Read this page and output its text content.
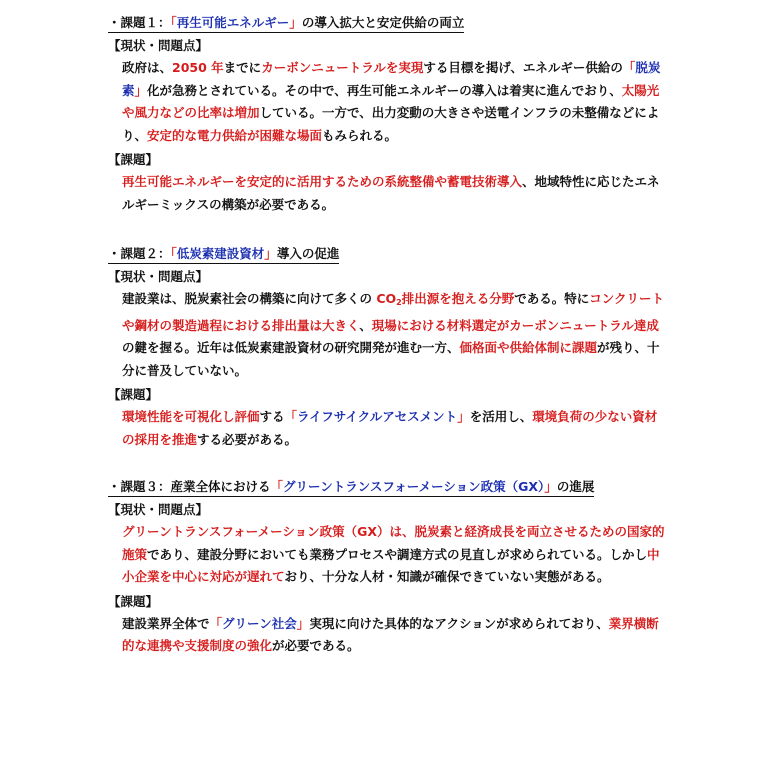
・課題１：「再生可能エネルギー」の導入拡大と安定供給の両立
【現状・問題点】

政府は、2050 年までにカーボンニュートラルを実現する目標を掲げ、エネルギー供給の「脱炭素」化が急務とされている。その中で、再生可能エネルギーの導入は着実に進んでおり、太陽光や風力などの比率は増加している。一方で、出力変動の大きさや送電インフラの未整備などにより、安定的な電力供給が困難な場面もみられる。

【課題】

再生可能エネルギーを安定的に活用するための系統整備や蓄電技術導入、地域特性に応じたエネルギーミックスの構築が必要である。

・課題２：「低炭素建設資材」導入の促進
【現状・問題点】

建設業は、脱炭素社会の構築に向けて多くの CO2排出源を抱える分野である。特にコンクリートや鋼材の製造過程における排出量は大きく、現場における材料選定がカーボンニュートラル達成の鍵を握る。近年は低炭素建設資材の研究開発が進む一方、価格面や供給体制に課題が残り、十分に普及していない。

【課題】

環境性能を可視化し評価する「ライフサイクルアセスメント」を活用し、環境負荷の少ない資材の採用を推進する必要がある。

・課題３：産業全体における「グリーントランスフォーメーション政策（GX）」の進展
【現状・問題点】

グリーントランスフォーメーション政策（GX）は、脱炭素と経済成長を両立させるための国家的施策であり、建設分野においても業務プロセスや調達方式の見直しが求められている。しかし中小企業を中心に対応が遅れており、十分な人材・知識が確保できていない実態がある。

【課題】

建設業界全体で「グリーン社会」実現に向けた具体的なアクションが求められており、業界横断的な連携や支援制度の強化が必要である。
